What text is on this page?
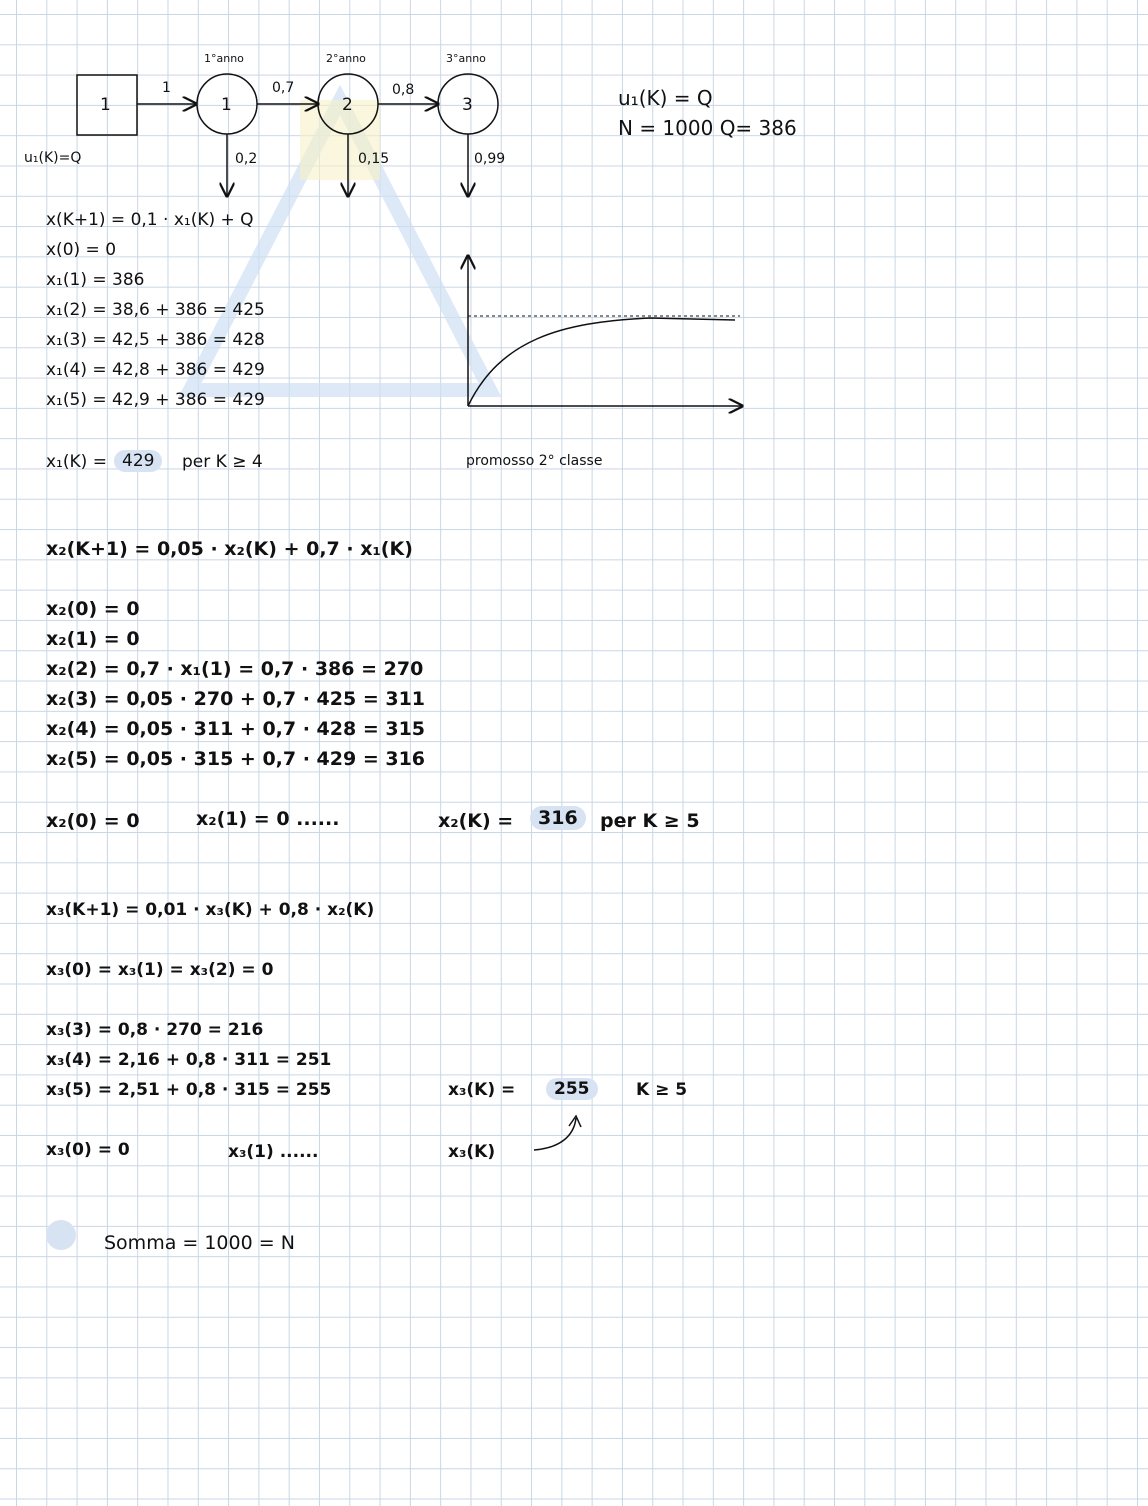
1
1
u₁(K)=Q
1	2	3
1°anno	2°anno	3°anno
0,7	0,8
0,2	0,15	0,99
u₁(K) = Q
N = 1000 Q= 386
x(K+1) = 0,1 · x₁(K) + Q
x(0) = 0
x₁(1) = 386
x₁(2) = 38,6 + 386 = 425
x₁(3) = 42,5 + 386 = 428
x₁(4) = 42,8 + 386 = 429
x₁(5) = 42,9 + 386 = 429
x₁(K) = 429	per K ≥ 4	promosso 2° classe
x₂(K+1) = 0,05 · x₂(K) + 0,7 · x₁(K)
x₂(0) = 0
x₂(1) = 0
x₂(2) = 0,7 · x₁(1) = 0,7 · 386 = 270
x₂(3) = 0,05 · 270 + 0,7 · 425 = 311
x₂(4) = 0,05 · 311 + 0,7 · 428 = 315
x₂(5) = 0,05 · 315 + 0,7 · 429 = 316
x₂(0) = 0	x₂(1) = 0 ......	x₂(K) =	316	per K ≥ 5
x₃(K+1) = 0,01 · x₃(K) + 0,8 · x₂(K)
x₃(0) = x₃(1) = x₃(2) = 0
x₃(3) = 0,8 · 270 = 216
x₃(4) = 2,16 + 0,8 · 311 = 251
x₃(5) = 2,51 + 0,8 · 315 = 255	x₃(K) =	255	K ≥ 5
x₃(0) = 0	x₃(1) ......	x₃(K)
Somma = 1000 = N
